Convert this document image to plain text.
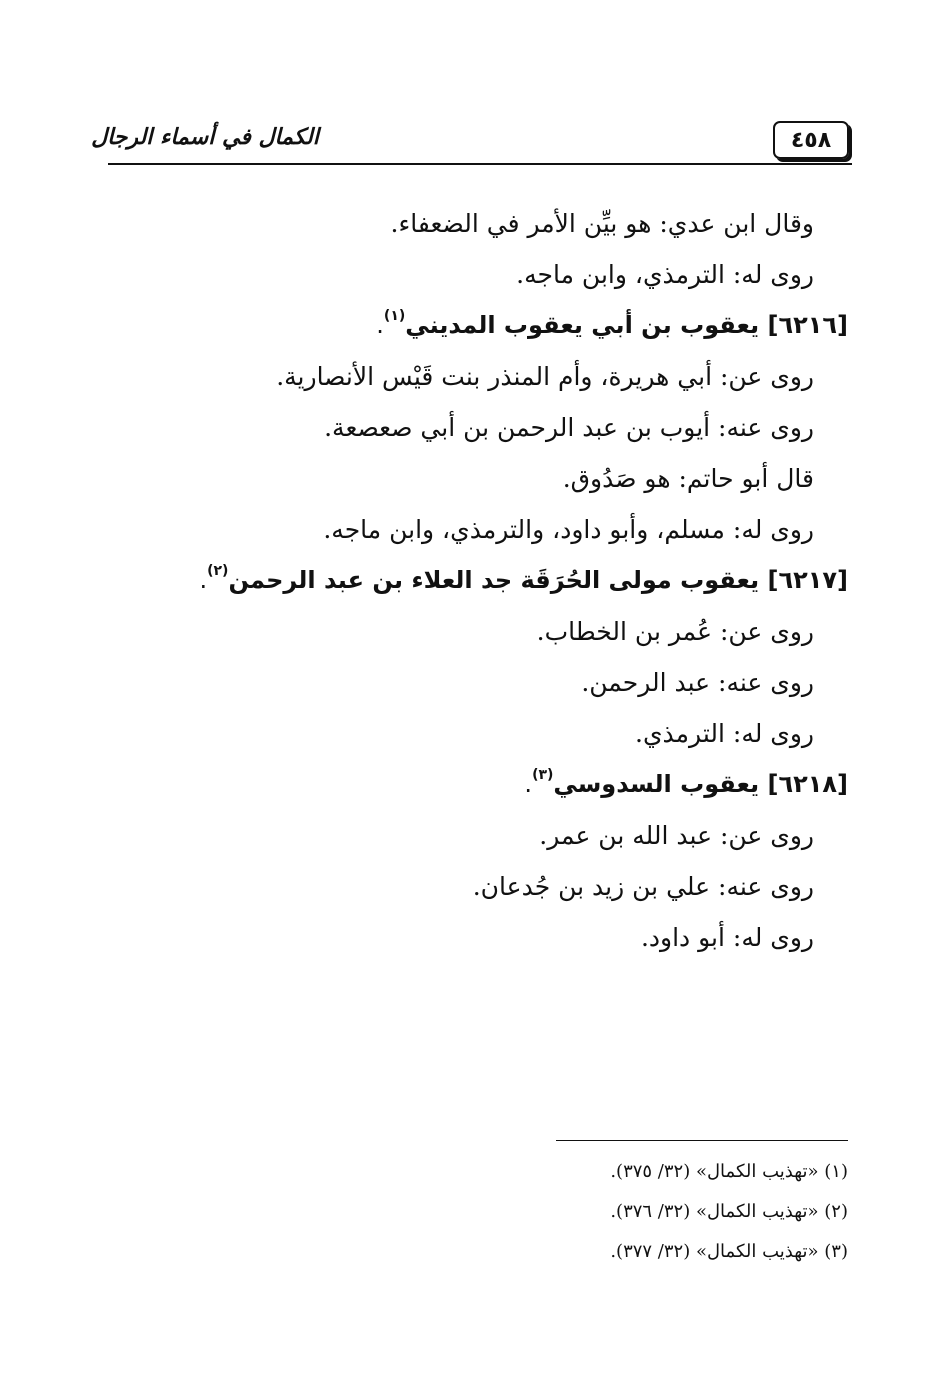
٤٥٨
الكمال في أسماء الرجال
وقال ابن عدي: هو بيِّن الأمر في الضعفاء.
روى له: الترمذي، وابن ماجه.
[٦٢١٦] يعقوب بن أبي يعقوب المديني$^{(١)}$.
روى عن: أبي هريرة، وأم المنذر بنت قَيْس الأنصارية.
روى عنه: أيوب بن عبد الرحمن بن أبي صعصعة.
قال أبو حاتم: هو صَدُوق.
روى له: مسلم، وأبو داود، والترمذي، وابن ماجه.
[٦٢١٧] يعقوب مولى الحُرَقَة جد العلاء بن عبد الرحمن$^{(٢)}$.
روى عن: عُمر بن الخطاب.
روى عنه: عبد الرحمن.
روى له: الترمذي.
[٦٢١٨] يعقوب السدوسي$^{(٣)}$.
روى عن: عبد الله بن عمر.
روى عنه: علي بن زيد بن جُدعان.
روى له: أبو داود.
(١) «تهذيب الكمال» (٣٢/ ٣٧٥).
(٢) «تهذيب الكمال» (٣٢/ ٣٧٦).
(٣) «تهذيب الكمال» (٣٢/ ٣٧٧).
